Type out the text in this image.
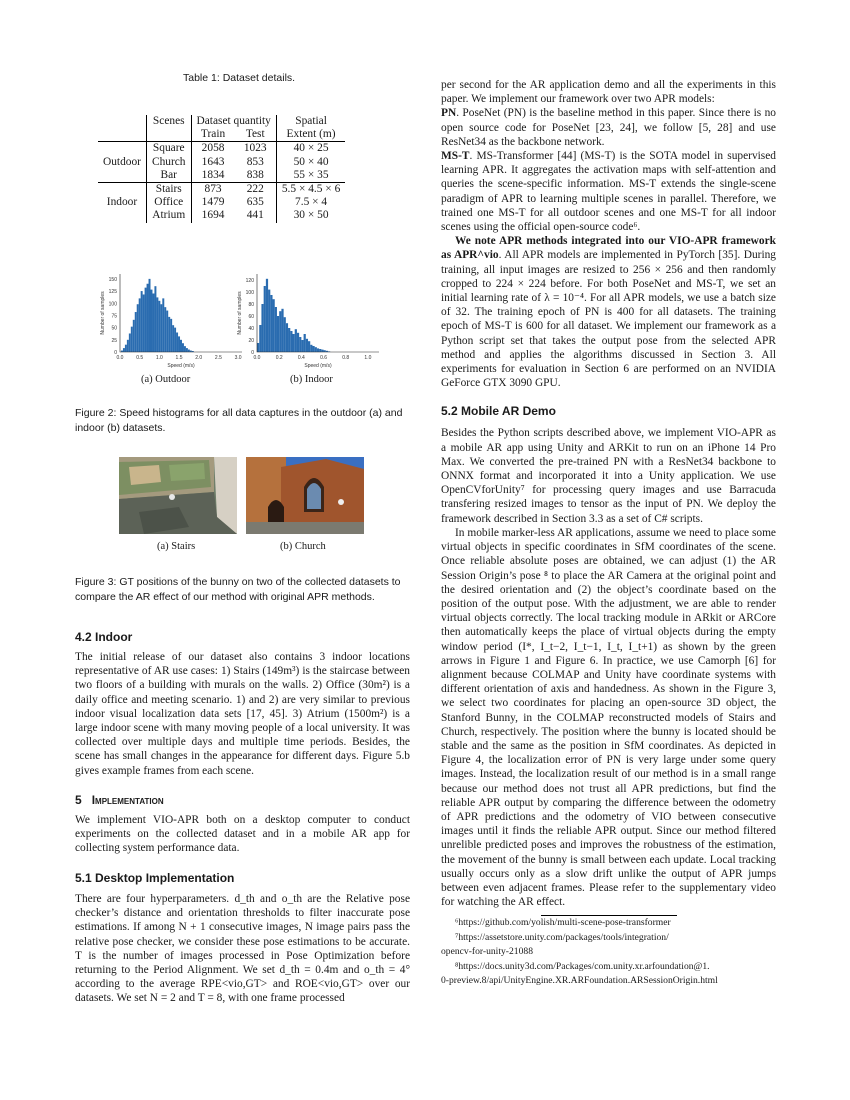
Table 1: Dataset details.
	Scenes	Dataset quantity		Spatial
		Train	Test	Extent (m)
Outdoor	Square	2058	1023	40 × 25
	Church	1643	853	50 × 40
	Bar	1834	838	55 × 35
Indoor	Stairs	873	222	5.5 × 4.5 × 6
	Office	1479	635	7.5 × 4
	Atrium	1694	441	30 × 50
0.0	0.5	1.0	1.5	2.0	2.5	3.0
0
25
50
75
100
125
150
Speed (m/s)
Number of samples
0.0	0.2	0.4	0.6	0.8	1.0
0
20
40
60
80
100
120
Speed (m/s)
Number of samples
(a) Outdoor	(b) Indoor
Figure 2: Speed histograms for all data captures in the outdoor (a) and indoor (b) datasets.
(a) Stairs	(b) Church
Figure 3: GT positions of the bunny on two of the collected datasets to compare the AR effect of our method with original APR methods.
4.2 Indoor

The initial release of our dataset also contains 3 indoor locations representative of AR use cases: 1) Stairs (149m³) is the staircase between two floors of a building with murals on the walls. 2) Office (30m²) is a daily office and meeting scenario. 1) and 2) are very similar to previous indoor visual localization data sets [17, 45]. 3) Atrium (1500m²) is a large indoor scene with many moving people of a local university. It was collected over multiple days and multiple time periods. Besides, the scene has small changes in the appearance for different days. Figure 5.b gives example frames from each scene.

5 Implementation

We implement VIO-APR both on a desktop computer to conduct experiments on the collected dataset and in a mobile AR app for collecting system performance data.

5.1 Desktop Implementation

There are four hyperparameters. d_th and o_th are the Relative pose checker’s distance and orientation thresholds to filter inaccurate pose estimations. If among N + 1 consecutive images, N image pairs pass the relative pose checker, we consider these pose estimations to be accurate. T is the number of images processed in Pose Optimization before returning to the Period Alignment. We set d_th = 0.4m and o_th = 4° according to the average RPE<vio,GT> and ROE<vio,GT> over our datasets. We set N = 2 and T = 8, with one frame processed

per second for the AR application demo and all the experiments in this paper. We implement our framework over two APR models:

PN. PoseNet (PN) is the baseline method in this paper. Since there is no open source code for PoseNet [23, 24], we follow [5, 28] and use ResNet34 as the backbone network.

MS-T. MS-Transformer [44] (MS-T) is the SOTA model in supervised learning APR. It aggregates the activation maps with self-attention and queries the scene-specific information. MS-T extends the single-scene paradigm of APR to learning multiple scenes in parallel. Therefore, we trained one MS-T for all outdoor scenes and one MS-T for all indoor scenes using the official open-source code⁶.

We note APR methods integrated into our VIO-APR framework as APR^vio. All APR models are implemented in PyTorch [35]. During training, all input images are resized to 256 × 256 and then randomly cropped to 224 × 224 before. For both PoseNet and MS-T, we set an initial learning rate of λ = 10⁻⁴. For all APR models, we use a batch size of 32. The training epoch of PN is 400 for all datasets. The training epoch of MS-T is 600 for all dataset. We implement our framework as a Python script set that takes the output pose from the selected APR method and applies the algorithms discussed in Section 3. All experiments for evaluation in Section 6 are performed on an NVIDIA GeForce GTX 3090 GPU.

5.2 Mobile AR Demo

Besides the Python scripts described above, we implement VIO-APR as a mobile AR app using Unity and ARKit to run on an iPhone 14 Pro Max. We converted the pre-trained PN with a ResNet34 backbone to ONNX format and incorporated it into a Unity application. We use OpenCVforUnity⁷ for processing query images and use Barracuda transfering resized images to tensor as the input of PN. We deploy the framework described in Section 3.3 as a set of C# scripts.

In mobile marker-less AR applications, assume we need to place some virtual objects in specific coordinates in SfM coordinates of the scene. Once reliable absolute poses are obtained, we can adjust (1) the AR Session Origin’s pose ⁸ to place the AR Camera at the original point and the desired orientation and (2) the object’s coordinate based on the position of the output pose. With the adjustment, we are able to render virtual objects correctly. The local tracking module in ARkit or ARCore then automatically keeps the place of virtual objects during the empty window period (I*, I_t−2, I_t−1, I_t, I_t+1) as shown by the green arrows in Figure 1 and Figure 6. In practice, we use Camorph [6] for alignment because COLMAP and Unity have coordinate systems with different orientation of axis and handedness. As shown in the Figure 3, we select two coordinates for placing an open-source 3D object, the Stanford Bunny, in the COLMAP reconstructed models of Stairs and Church, respectively. The position where the bunny is located should be stable and the same as the position in SfM coordinates. As depicted in Figure 4, the localization error of PN is very large under some query images. Instead, the localization result of our method is in a small range because our method does not trust all APR predictions, but find the reliable APR output by comparing the difference between the odometry of APR predictions and the odometry of VIO between consecutive images until it finds the reliable APR output. Since our method filtered unrelible predicted poses and improves the robustness of the estimation, the movement of the bunny is small between each update. Local tracking usually occurs only as a slow drift unlike the output of APR jumps between even adjacent frames. Please refer to the supplementary video for watching the AR effect.

⁶https://github.com/yolish/multi-scene-pose-transformer

⁷https://assetstore.unity.com/packages/tools/integration/

opencv-for-unity-21088

⁸https://docs.unity3d.com/Packages/com.unity.xr.arfoundation@1.

0-preview.8/api/UnityEngine.XR.ARFoundation.ARSessionOrigin.html
